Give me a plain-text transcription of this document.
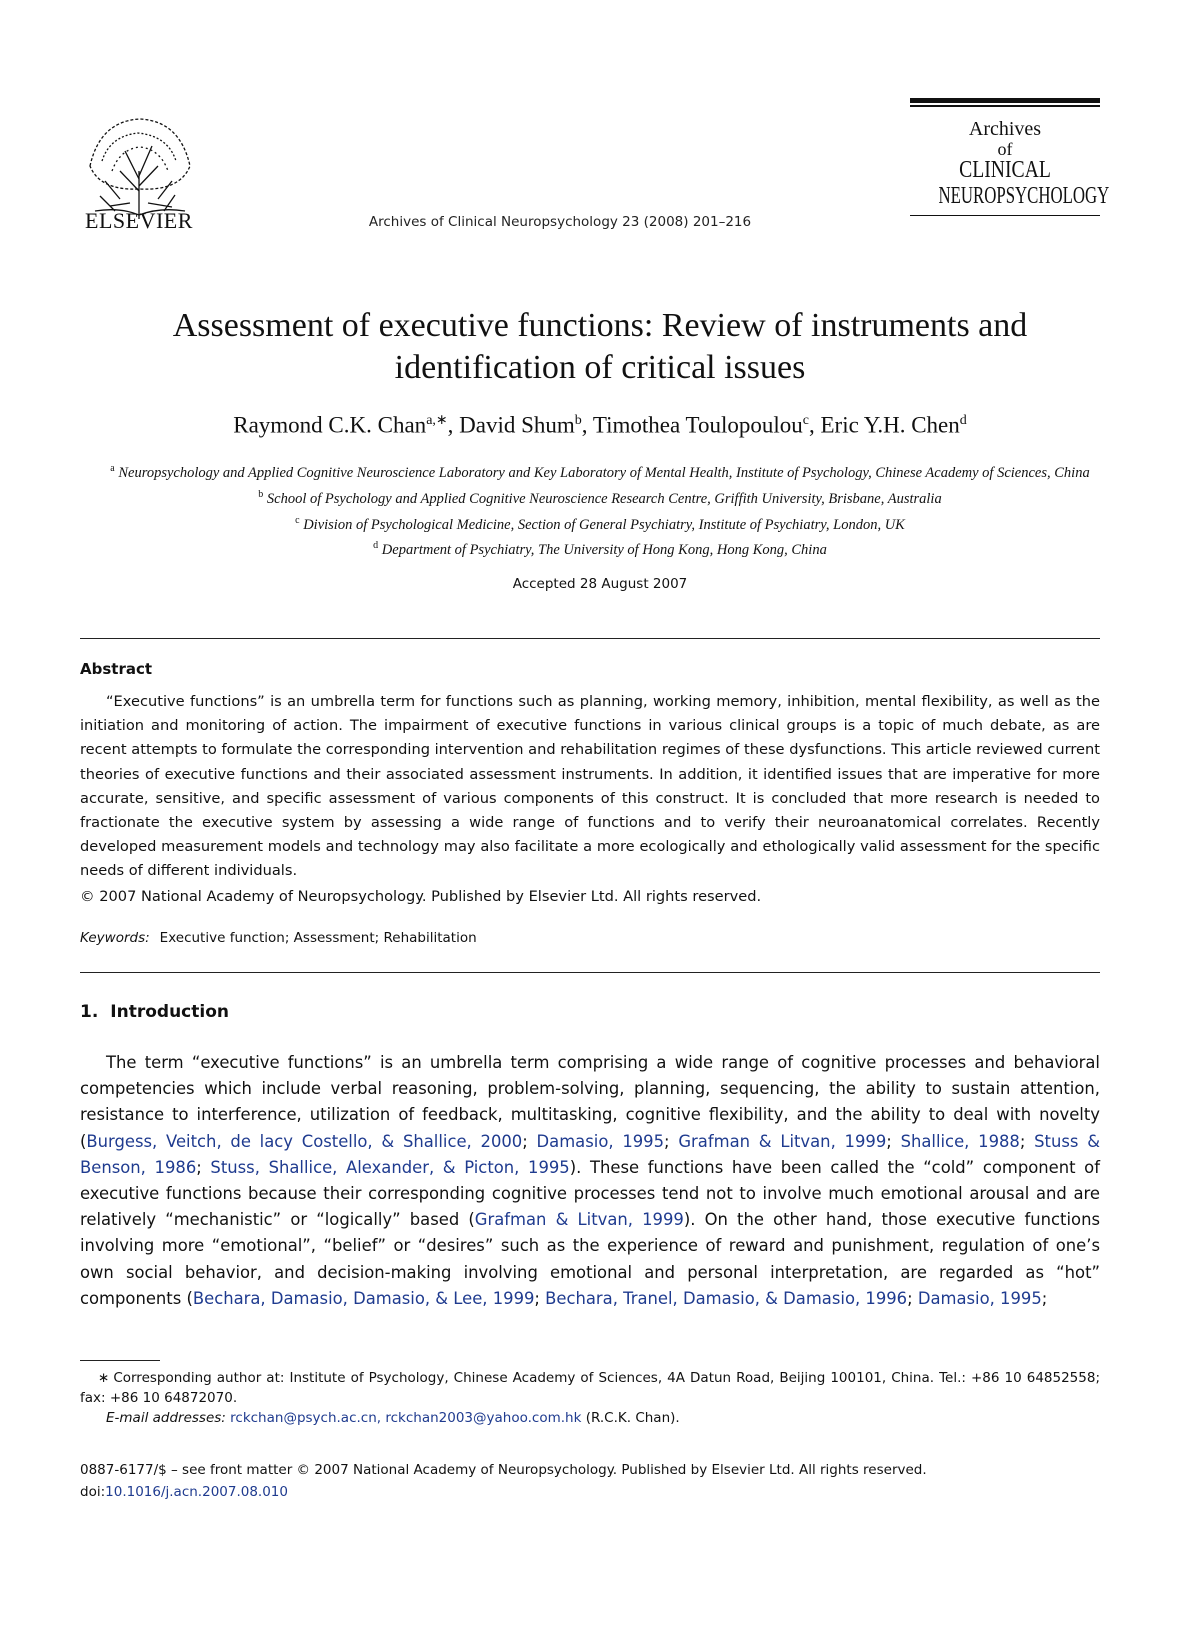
ELSEVIER	Archives of Clinical Neuropsychology 23 (2008) 201–216
Archives
of
CLINICAL
NEUROPSYCHOLOGY
Assessment of executive functions: Review of instruments and identification of critical issues
Raymond C.K. Chan$^{a,∗}$, David Shum$^b$, Timothea Toulopoulou$^c$, Eric Y.H. Chen$^d$
$^a$ Neuropsychology and Applied Cognitive Neuroscience Laboratory and Key Laboratory of Mental Health, Institute of Psychology, Chinese Academy of Sciences, China
$^b$ School of Psychology and Applied Cognitive Neuroscience Research Centre, Griffith University, Brisbane, Australia
$^c$ Division of Psychological Medicine, Section of General Psychiatry, Institute of Psychiatry, London, UK
$^d$ Department of Psychiatry, The University of Hong Kong, Hong Kong, China
Accepted 28 August 2007
Abstract
“Executive functions” is an umbrella term for functions such as planning, working memory, inhibition, mental flexibility, as well as the initiation and monitoring of action. The impairment of executive functions in various clinical groups is a topic of much debate, as are recent attempts to formulate the corresponding intervention and rehabilitation regimes of these dysfunctions. This article reviewed current theories of executive functions and their associated assessment instruments. In addition, it identified issues that are imperative for more accurate, sensitive, and specific assessment of various components of this construct. It is concluded that more research is needed to fractionate the executive system by assessing a wide range of functions and to verify their neuroanatomical correlates. Recently developed measurement models and technology may also facilitate a more ecologically and ethologically valid assessment for the specific needs of different individuals.
© 2007 National Academy of Neuropsychology. Published by Elsevier Ltd. All rights reserved.
Keywords: Executive function; Assessment; Rehabilitation
1. Introduction
The term “executive functions” is an umbrella term comprising a wide range of cognitive processes and behavioral competencies which include verbal reasoning, problem-solving, planning, sequencing, the ability to sustain attention, resistance to interference, utilization of feedback, multitasking, cognitive flexibility, and the ability to deal with novelty (Burgess, Veitch, de lacy Costello, & Shallice, 2000; Damasio, 1995; Grafman & Litvan, 1999; Shallice, 1988; Stuss & Benson, 1986; Stuss, Shallice, Alexander, & Picton, 1995). These functions have been called the “cold” component of executive functions because their corresponding cognitive processes tend not to involve much emotional arousal and are relatively “mechanistic” or “logically” based (Grafman & Litvan, 1999). On the other hand, those executive functions involving more “emotional”, “belief” or “desires” such as the experience of reward and punishment, regulation of one’s own social behavior, and decision-making involving emotional and personal interpretation, are regarded as “hot” components (Bechara, Damasio, Damasio, & Lee, 1999; Bechara, Tranel, Damasio, & Damasio, 1996; Damasio, 1995;
∗ Corresponding author at: Institute of Psychology, Chinese Academy of Sciences, 4A Datun Road, Beijing 100101, China. Tel.: +86 10 64852558; fax: +86 10 64872070.
E-mail addresses: rckchan@psych.ac.cn, rckchan2003@yahoo.com.hk (R.C.K. Chan).
0887-6177/$ – see front matter © 2007 National Academy of Neuropsychology. Published by Elsevier Ltd. All rights reserved.
doi:10.1016/j.acn.2007.08.010
